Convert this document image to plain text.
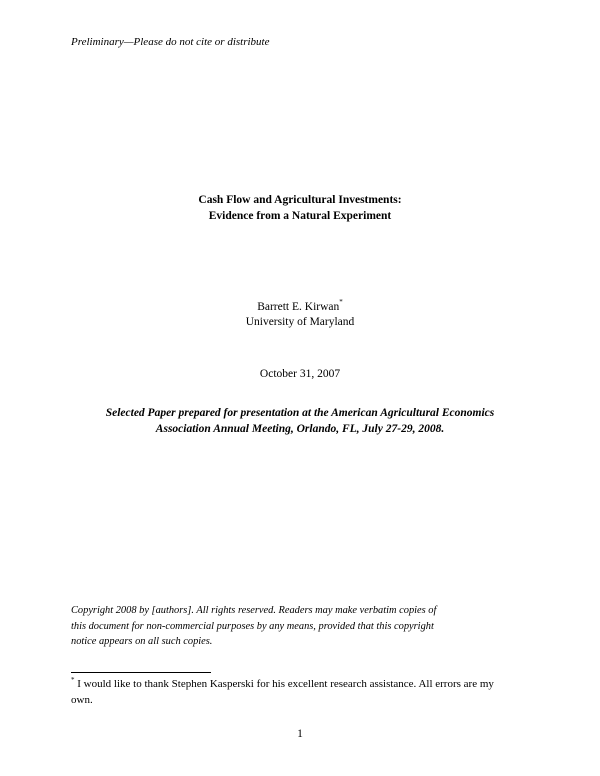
Preliminary—Please do not cite or distribute
Cash Flow and Agricultural Investments:
Evidence from a Natural Experiment
Barrett E. Kirwan*
University of Maryland
October 31, 2007
Selected Paper prepared for presentation at the American Agricultural Economics
Association Annual Meeting, Orlando, FL, July 27-29, 2008.
Copyright 2008 by [authors]. All rights reserved. Readers may make verbatim copies of
this document for non-commercial purposes by any means, provided that this copyright
notice appears on all such copies.
* I would like to thank Stephen Kasperski for his excellent research assistance. All errors are my
own.
1
